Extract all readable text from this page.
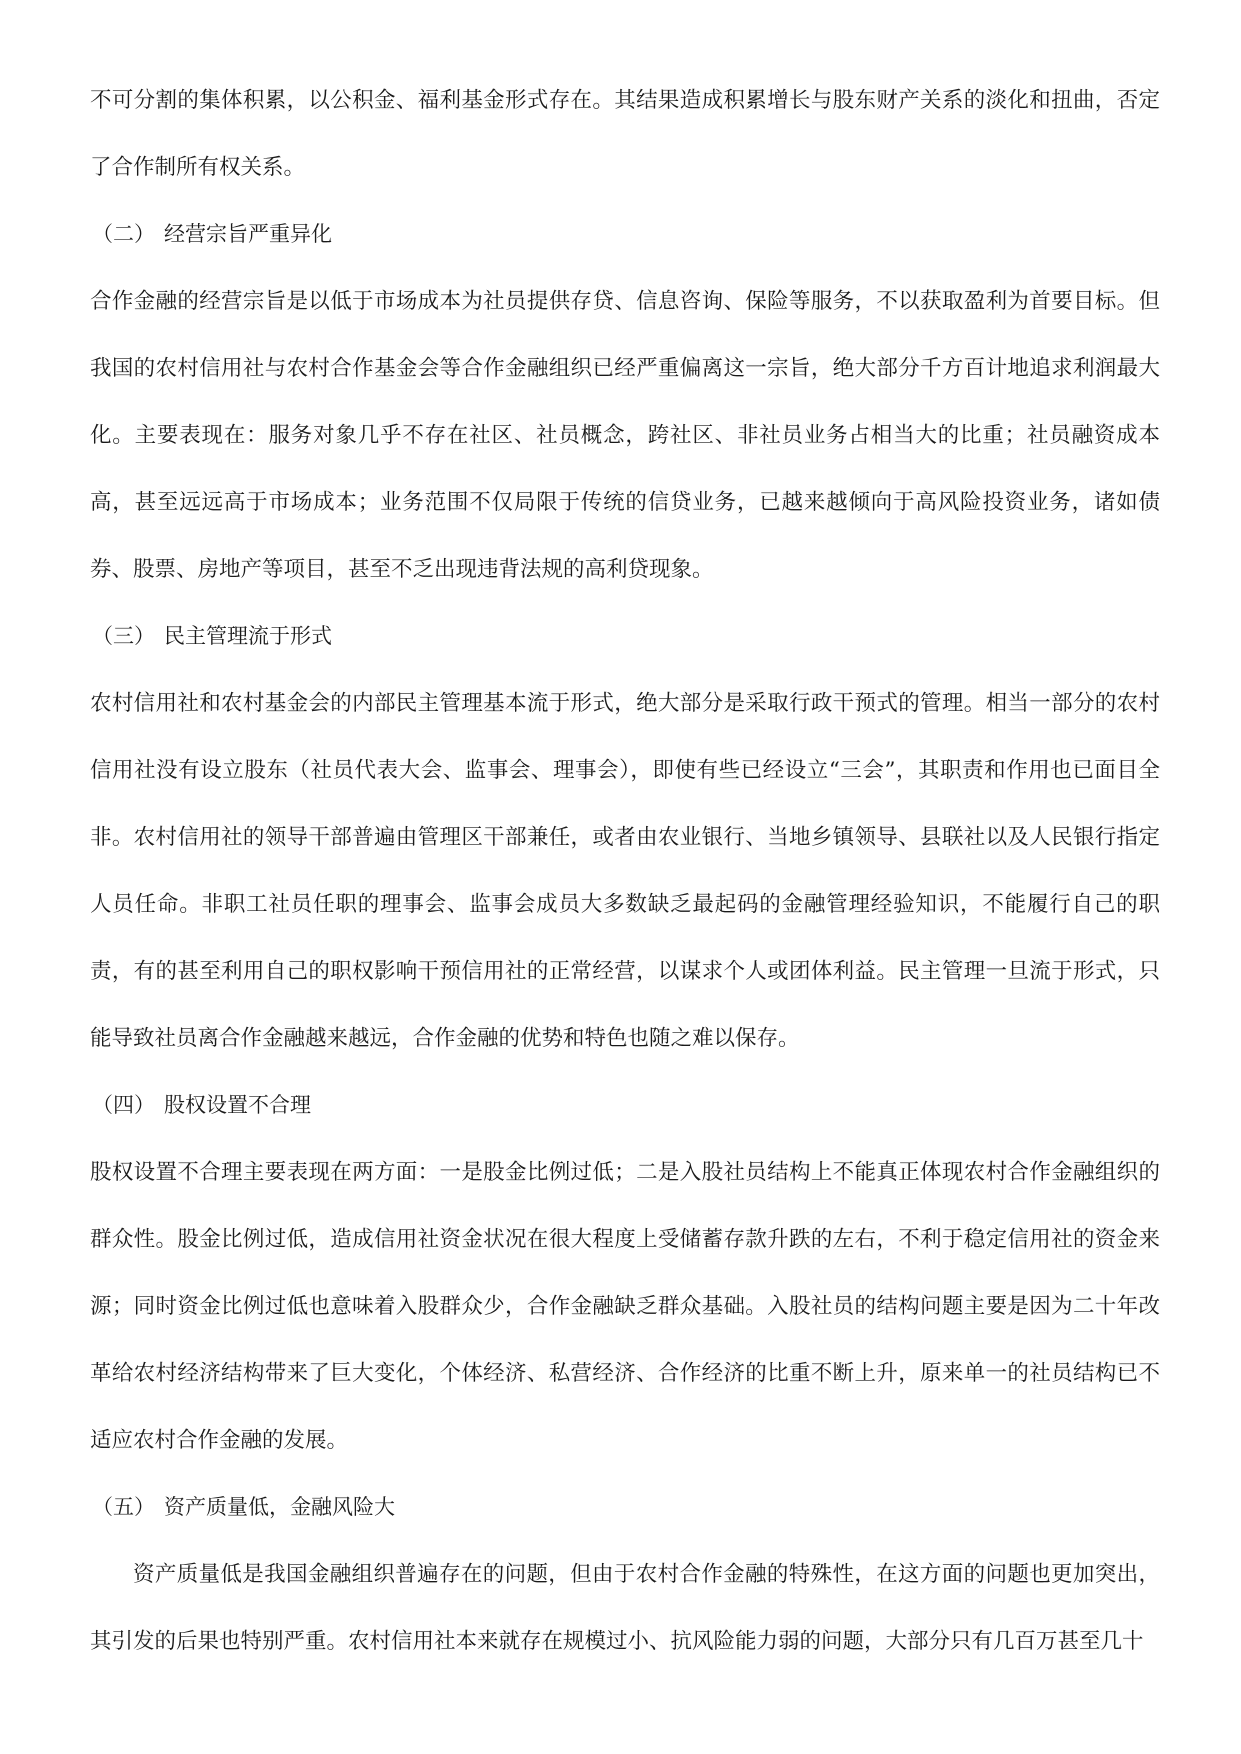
不可分割的集体积累，以公积金、福利基金形式存在。其结果造成积累增长与股东财产关系的淡化和扭曲，否定了合作制所有权关系。

（二） 经营宗旨严重异化

合作金融的经营宗旨是以低于市场成本为社员提供存贷、信息咨询、保险等服务，不以获取盈利为首要目标。但我国的农村信用社与农村合作基金会等合作金融组织已经严重偏离这一宗旨，绝大部分千方百计地追求利润最大化。主要表现在：服务对象几乎不存在社区、社员概念，跨社区、非社员业务占相当大的比重；社员融资成本高，甚至远远高于市场成本；业务范围不仅局限于传统的信贷业务，已越来越倾向于高风险投资业务，诸如债券、股票、房地产等项目，甚至不乏出现违背法规的高利贷现象。

（三） 民主管理流于形式

农村信用社和农村基金会的内部民主管理基本流于形式，绝大部分是采取行政干预式的管理。相当一部分的农村信用社没有设立股东（社员代表大会、监事会、理事会），即使有些已经设立“三会”，其职责和作用也已面目全非。农村信用社的领导干部普遍由管理区干部兼任，或者由农业银行、当地乡镇领导、县联社以及人民银行指定人员任命。非职工社员任职的理事会、监事会成员大多数缺乏最起码的金融管理经验知识，不能履行自己的职责，有的甚至利用自己的职权影响干预信用社的正常经营，以谋求个人或团体利益。民主管理一旦流于形式，只能导致社员离合作金融越来越远，合作金融的优势和特色也随之难以保存。

（四） 股权设置不合理

股权设置不合理主要表现在两方面：一是股金比例过低；二是入股社员结构上不能真正体现农村合作金融组织的群众性。股金比例过低，造成信用社资金状况在很大程度上受储蓄存款升跌的左右，不利于稳定信用社的资金来源；同时资金比例过低也意味着入股群众少，合作金融缺乏群众基础。入股社员的结构问题主要是因为二十年改革给农村经济结构带来了巨大变化，个体经济、私营经济、合作经济的比重不断上升，原来单一的社员结构已不适应农村合作金融的发展。

（五） 资产质量低，金融风险大

资产质量低是我国金融组织普遍存在的问题，但由于农村合作金融的特殊性，在这方面的问题也更加突出，其引发的后果也特别严重。农村信用社本来就存在规模过小、抗风险能力弱的问题，大部分只有几百万甚至几十
